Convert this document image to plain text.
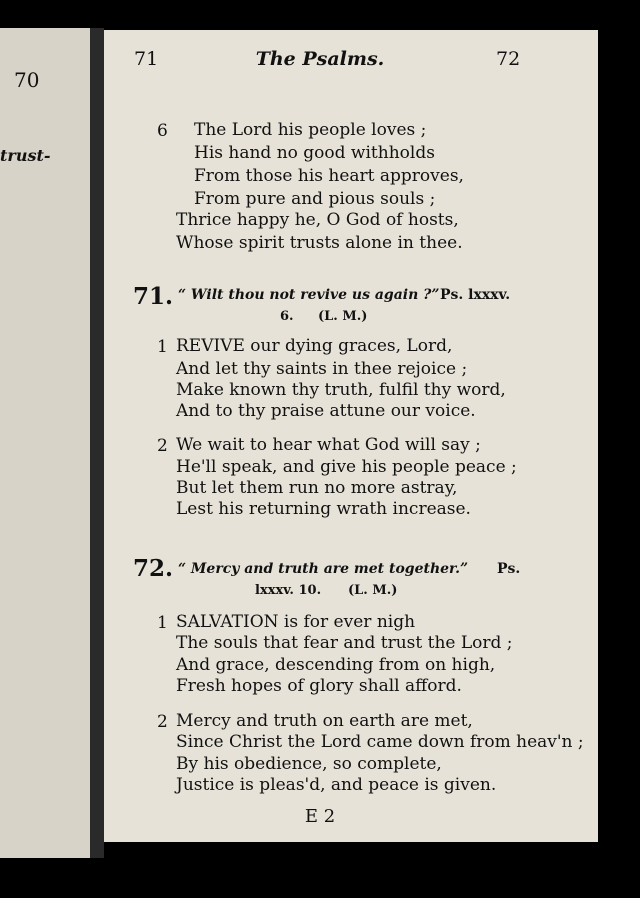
70
trust-
71	The Psalms.	72
6 The Lord his people loves ;
His hand no good withholds
From those his heart approves,
From pure and pious souls ;
Thrice happy he, O God of hosts,
Whose spirit trusts alone in thee.
71. “ Wilt thou not revive us again ?” Ps. lxxxv.
6. (L. M.)
1 REVIVE our dying graces, Lord,
And let thy saints in thee rejoice ;
Make known thy truth, fulfil thy word,
And to thy praise attune our voice.
2 We wait to hear what God will say ;
He'll speak, and give his people peace ;
But let them run no more astray,
Lest his returning wrath increase.
72. “ Mercy and truth are met together.” Ps.
lxxxv. 10. (L. M.)
1 SALVATION is for ever nigh
The souls that fear and trust the Lord ;
And grace, descending from on high,
Fresh hopes of glory shall afford.
2 Mercy and truth on earth are met,
Since Christ the Lord came down from heav'n ;
By his obedience, so complete,
Justice is pleas'd, and peace is given.
E 2
